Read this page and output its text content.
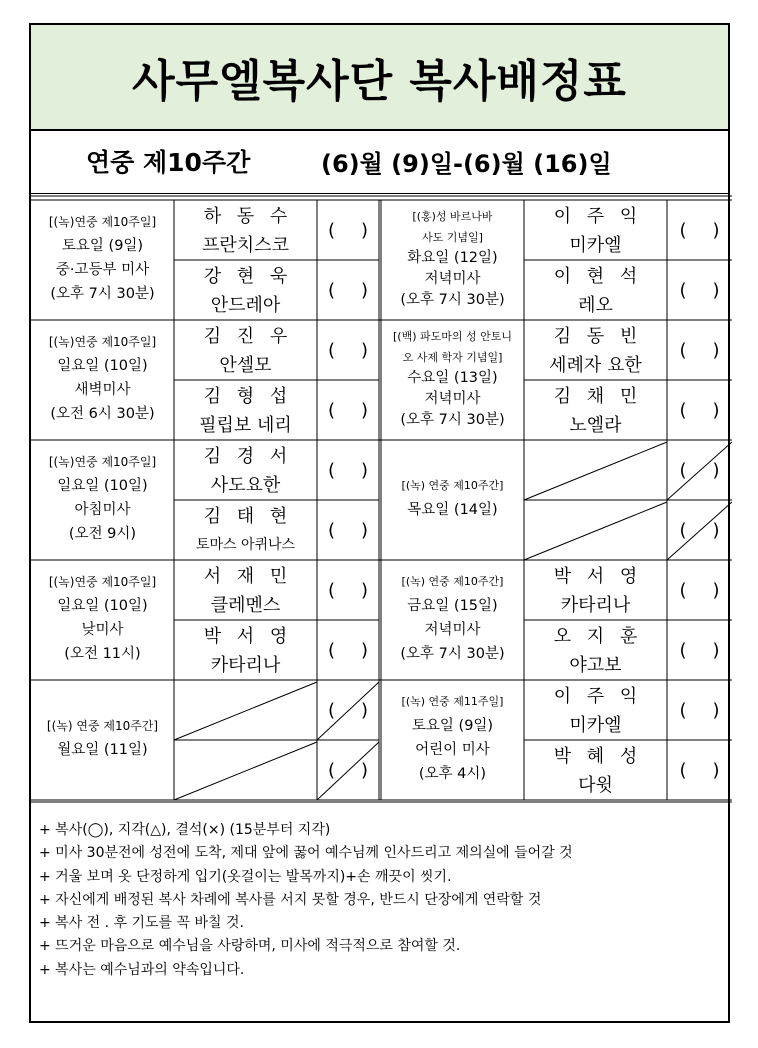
사무엘복사단 복사배정표
연중 제10주간	(6)월 (9)일-(6)월 (16)일
[(녹)연중 제10주일]
토요일 (9일)
중·고등부 미사
(오후 7시 30분)
하 동 수
프란치스코
()
강 현 욱
안드레아
()
[(녹)연중 제10주일]
일요일 (10일)
새벽미사
(오전 6시 30분)
김 진 우
안셀모
()
김 형 섭
필립보 네리
()
[(녹)연중 제10주일]
일요일 (10일)
아침미사
(오전 9시)
김 경 서
사도요한
()
김 태 현
토마스 아퀴나스
()
[(녹)연중 제10주일]
일요일 (10일)
낮미사
(오전 11시)
서 재 민
클레멘스
()
박 서 영
카타리나
()
[(녹) 연중 제10주간]
월요일 (11일)
()
()
[(홍)성 바르나바
사도 기념일]
화요일 (12일)
저녁미사
(오후 7시 30분)
이 주 익
미카엘
()
이 현 석
레오
()
[(백) 파도마의 성 안토니
오 사제 학자 기념일]
수요일 (13일)
저녁미사
(오후 7시 30분)
김 동 빈
세례자 요한
()
김 채 민
노엘라
()
[(녹) 연중 제10주간]
목요일 (14일)
()
()
[(녹) 연중 제10주간]
금요일 (15일)
저녁미사
(오후 7시 30분)
박 서 영
카타리나
()
오 지 훈
야고보
()
[(녹) 연중 제11주일]
토요일 (9일)
어린이 미사
(오후 4시)
이 주 익
미카엘
()
박 혜 성
다윗
()
+ 복사(◯), 지각(△), 결석(×) (15분부터 지각)
+ 미사 30분전에 성전에 도착, 제대 앞에 꿇어 예수님께 인사드리고 제의실에 들어갈 것
+ 거울 보며 옷 단정하게 입기(옷걸이는 발목까지)+손 깨끗이 씻기.
+ 자신에게 배정된 복사 차례에 복사를 서지 못할 경우, 반드시 단장에게 연락할 것
+ 복사 전 . 후 기도를 꼭 바칠 것.
+ 뜨거운 마음으로 예수님을 사랑하며, 미사에 적극적으로 참여할 것.
+ 복사는 예수님과의 약속입니다.
